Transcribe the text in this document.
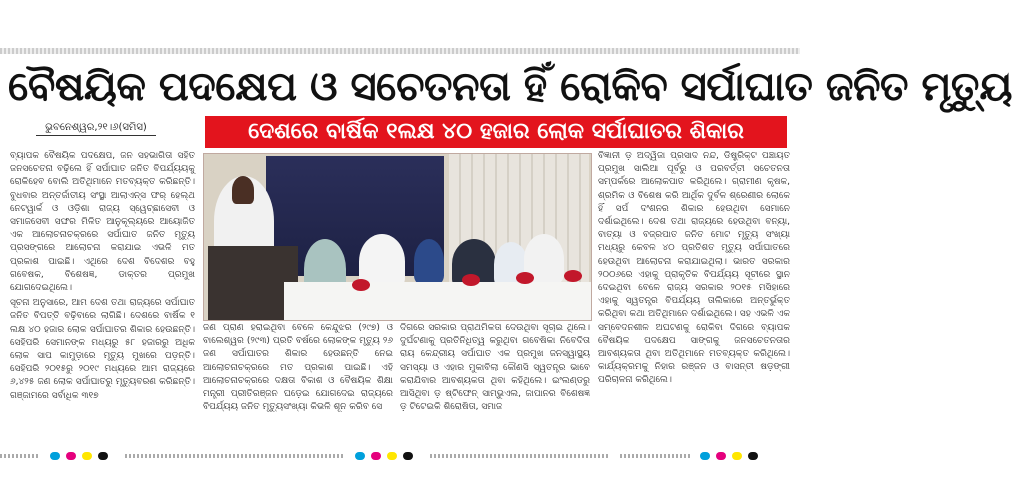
ବୈଷୟିକ ପଦକ୍ଷେପ ଓ ସଚେତନତା ହିଁ ରୋକିବ ସର୍ପାଘାତ ଜନିତ ମୃତ୍ୟୁ
ଭୁବନେଶ୍ୱର,୨୧।୬(ସମିସ)	ଦେଶରେ ବାର୍ଷିକ ୧ଲକ୍ଷ ୪୦ ହଜାର ଲୋକ ସର୍ପାଘାତର ଶିକାର

ବ୍ୟାପକ ବୈଷୟିକ ପଦକ୍ଷେପ, ଜନ ସହଭାଗିତା ସହିତ ଜନସଚେତନା ବଢ଼ିଲେ ହିଁ ସର୍ପାଘାତ ଜନିତ ବିପର୍ଯ୍ୟୟକୁ ରୋକିହେବ ବୋଲି ଅତିଥିମାନେ ମତବ୍ୟକ୍ତ କରିଛନ୍ତି। ବୁଧବାର ଅନ୍ତର୍ଜାତୀୟ ସଂସ୍ଥା ଆଲାଏନ୍ସ ଫର୍ ହେଲ୍ଥ ନେଟୱାର୍କ ଓ ଓଡ଼ିଶା ରାଜ୍ୟ ସ୍ୱେଚ୍ଛାସେବୀ ଓ ସମାଜସେବୀ ସଙ୍ଘର ମିଳିତ ଆନୁକୂଲ୍ୟରେ ଆୟୋଜିତ ଏକ ଆଲୋଚନାଚକ୍ରରେ ସର୍ପାଘାତ ଜନିତ ମୃତ୍ୟୁ ପ୍ରସଙ୍ଗରେ ଆଲୋଚନା କରାଯାଇ ଏଭଳି ମତ ପ୍ରକାଶ ପାଇଛି। ଏଥିରେ ଦେଶ ବିଦେଶର ବହୁ ଗବେଷକ, ବିଶେଷଜ୍ଞ, ଡାକ୍ତର ପ୍ରମୁଖ ଯୋଗଦେଇଥିଲେ।

ସୂଚନା ଅନୁସାରେ, ଆମ ଦେଶ ତଥା ରାଜ୍ୟରେ ସର୍ପାଘାତ ଜନିତ ବିପତ୍ତି ବଢ଼ିବାରେ ଲାଗିଛି। ଦେଶରେ ବାର୍ଷିକ ୧ ଲକ୍ଷ ୪୦ ହଜାର ଲୋକ ସର୍ପାଘାତର ଶିକାର ହେଉଛନ୍ତି। ସେହିପରି ସେମାନଙ୍କ ମଧ୍ୟରୁ ୫୮ ହଜାରରୁ ଅଧିକ ଲୋକ ସାପ କାମୁଡ଼ାରେ ମୃତ୍ୟୁ ମୁଖରେ ପଡ଼ନ୍ତି। ସେହିପରି ୨୦୧୫ରୁ ୨୦୧୯ ମଧ୍ୟରେ ଆମ ରାଜ୍ୟରେ ୬,୪୨୫ ଜଣ ଲୋକ ସର୍ପାଘାତରୁ ମୃତ୍ୟୁବରଣ କରିଛନ୍ତି। ଗଞ୍ଜାମରେ ସର୍ବାଧିକ ୩୧୭

ଜଣ ପ୍ରାଣ ହରାଇଥିବା ବେଳେ କେନ୍ଦୁଝର (୨୯୭) ଓ ବାଲେଶ୍ୱର (୨୯୩) ପ୍ରତି ବର୍ଷରେ ଲୋକଙ୍କ ମୃତ୍ୟୁ ୨୬ ଜଣ ସର୍ପାଘାତର ଶିକାର ହେଉଛନ୍ତି ନେଇ ଆଲୋଚନାଚକ୍ରରେ ମତ ପ୍ରକାଶ ପାଇଛି। ଏହି ଆଲୋଚନାଚକ୍ରରେ ଦକ୍ଷତା ବିକାଶ ଓ ବୈଷୟିକ ଶିକ୍ଷା ମନ୍ତ୍ରୀ ପ୍ରୀତିରଞ୍ଜନ ଘଡ଼େଇ ଯୋଗଦେଇ ରାଜ୍ୟରେ ବିପର୍ଯ୍ୟୟ ଜନିତ ମୃତ୍ୟୁସଂଖ୍ୟା କିଭଳି ଶୂନ କରିବ ସେ

ଦିଗରେ ସରକାର ପ୍ରାଥମିକତା ଦେଉଥିବା ସୂଚାଇ ଥିଲେ। ଦୁର୍ଘଟଣାକୁ ପ୍ରତିନିଧିତ୍ୱ କରୁଥିବା ଗବେଷିକା ନିବେଦିତା ରାୟ କେନ୍ଦ୍ରୀୟ ସର୍ପାଘାତ ଏକ ପ୍ରମୁଖ ଜନସ୍ୱାସ୍ଥ୍ୟ ସମସ୍ୟା ଓ ଏହାର ମୁକାବିଲା କୌଣସି ସ୍ୱତନ୍ତ୍ର ଭାବେ କରାଯିବାର ଆବଶ୍ୟକତା ଥିବା କହିଥିଲେ। ଇଂଲଣ୍ଡରୁ ଆସିଥିବା ଡ଼ ଷ୍ଟିଫେନ୍ ସାମ୍ଭୁଏଲ, ଜାପାନର ବିଶେଷଜ୍ଞ ଡ଼ ଟିଟେଇକି ଶିରୋଷିତା, ସମାଜ

ବିଜ୍ଞାନୀ ଡ଼ ଅଦ୍ୱିଜା ପ୍ରସାଦ ନନ୍ଦ, ଡିଷ୍ଟ୍ରିକ୍ଟ ପଞ୍ଚାୟତ ପ୍ରମୁଖ ସାଲିଆ ପୂର୍ବରୁ ଓ ପରବର୍ତ୍ତୀ ସଚେତନତା ସମ୍ପର୍କରେ ଆଲୋକପାତ କରିଥିଲେ। ଗ୍ରାମୀଣ କୃଷକ, ଶ୍ରମିକ ଓ ବିଶେଷ କରି ଆର୍ଥିକ ଦୁର୍ବଳ ଶ୍ରେଣୀର ଲୋକେ ହିଁ ସର୍ପ ଦଂଶନର ଶିକାର ହେଉଥିବା ସେମାନେ ଦର୍ଶାଇଥିଲେ। ଦେଶ ତଥା ରାଜ୍ୟରେ ହେଉଥିବା ବନ୍ୟା, ବାତ୍ୟା ଓ ବଜ୍ରପାତ ଜନିତ ମୋଟ ମୃତ୍ୟୁ ସଂଖ୍ୟା ମଧ୍ୟରୁ କେବଳ ୪୦ ପ୍ରତିଶତ ମୃତ୍ୟୁ ସର୍ପାଘାତରେ ହେଉଥିବା ଆଲୋଚନା କରାଯାଇଥିଲା। ଭାରତ ସରକାର ୨୦୦୬ରେ ଏହାକୁ ପ୍ରାକୃତିକ ବିପର୍ଯ୍ୟୟ ସୂଚୀରେ ସ୍ଥାନ ଦେଇଥିବା ବେଳେ ରାଜ୍ୟ ସରକାର ୨୦୧୫ ମସିହାରେ ଏହାକୁ ସ୍ୱତନ୍ତ୍ର ବିପର୍ଯ୍ୟୟ ତାଲିକାରେ ଅନ୍ତର୍ଭୁକ୍ତ କରିଥିବା କଥା ଅତିଥିମାନେ ଦର୍ଶାଇଥିଲେ। ସହ ଏଭଳି ଏକ ସମ୍ବେଦନଶୀଳ ଅଘଟଣକୁ ରୋକିବା ଦିଗରେ ବ୍ୟାପକ ବୈଷୟିକ ପଦକ୍ଷେପ ସାଙ୍ଗକୁ ଜନସଚେତନତାର ଆବଶ୍ୟକତା ଥିବା ଅତିଥିମାନେ ମତବ୍ୟକ୍ତ କରିଥିଲେ। କାର୍ଯ୍ୟକ୍ରମକୁ ନିହାର ରଞ୍ଜନ ଓ ବାସନ୍ତୀ ଷଡ଼ଙ୍ଗୀ ପରିଚାଳନା କରିଥିଲେ।
